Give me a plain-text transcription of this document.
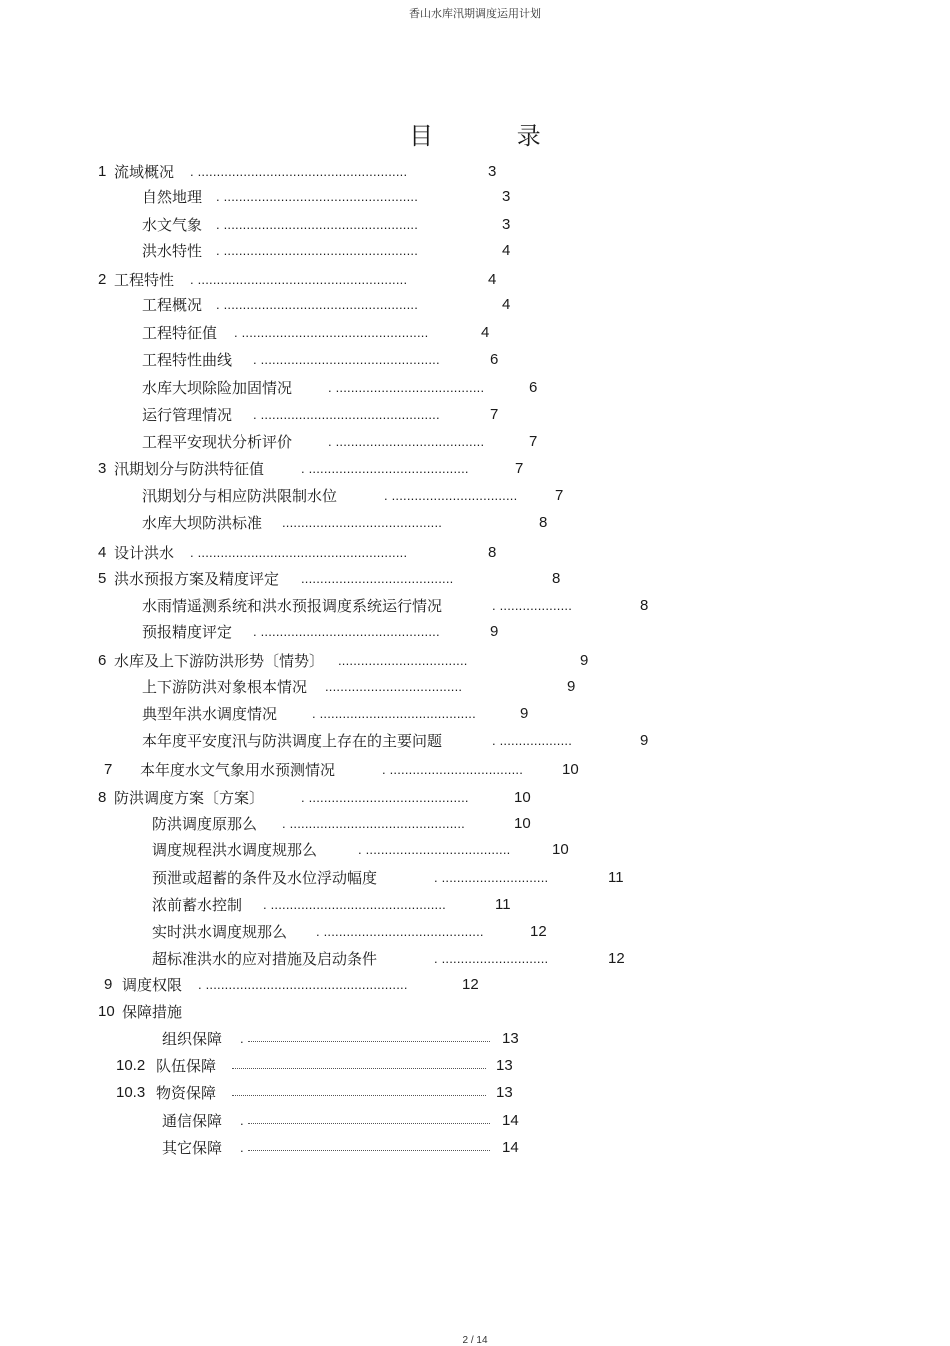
香山水库汛期调度运用计划
目 录
1 流域概况 . .......................................................	3
自然地理 . ...................................................	3
水文气象 . ...................................................	3
洪水特性 . ...................................................	4
2 工程特性 . .......................................................	4
工程概况 . ...................................................	4
工程特征值 . .................................................	4
工程特性曲线 . ...............................................	6
水库大坝除险加固情况	. .......................................	6
运行管理情况 . ...............................................	7
工程平安现状分析评价	. .......................................	7
3 汛期划分与防洪特征值	. ..........................................	7
汛期划分与相应防洪限制水位	. .................................	7
水库大坝防洪标准 ..........................................	8
4 设计洪水 . .......................................................	8
5 洪水预报方案及精度评定 ........................................	8
水雨情遥测系统和洪水预报调度系统运行情况	. ...................	8
预报精度评定 . ...............................................	9
6 水库及上下游防洪形势〔情势〕 ..................................	9
上下游防洪对象根本情况 ....................................	9
典型年洪水调度情况	. .........................................	9
本年度平安度汛与防洪调度上存在的主要问题	. ...................	9
7 本年度水文气象用水预测情况	. ...................................	10
8 防洪调度方案〔方案〕	. ..........................................	10
防洪调度原那么 . ..............................................	10
调度规程洪水调度规那么	. ......................................	10
预泄或超蓄的条件及水位浮动幅度	. ............................	11
浓前蓄水控制 . ..............................................	11
实时洪水调度规那么 . ..........................................	12
超标准洪水的应对措施及启动条件	. ............................	12
9 调度权限 . .....................................................	12
10 保障措施
组织保障 .	13
10.2 队伍保障	13
10.3 物资保障	13
通信保障 .	14
其它保障 .	14
2 / 14
